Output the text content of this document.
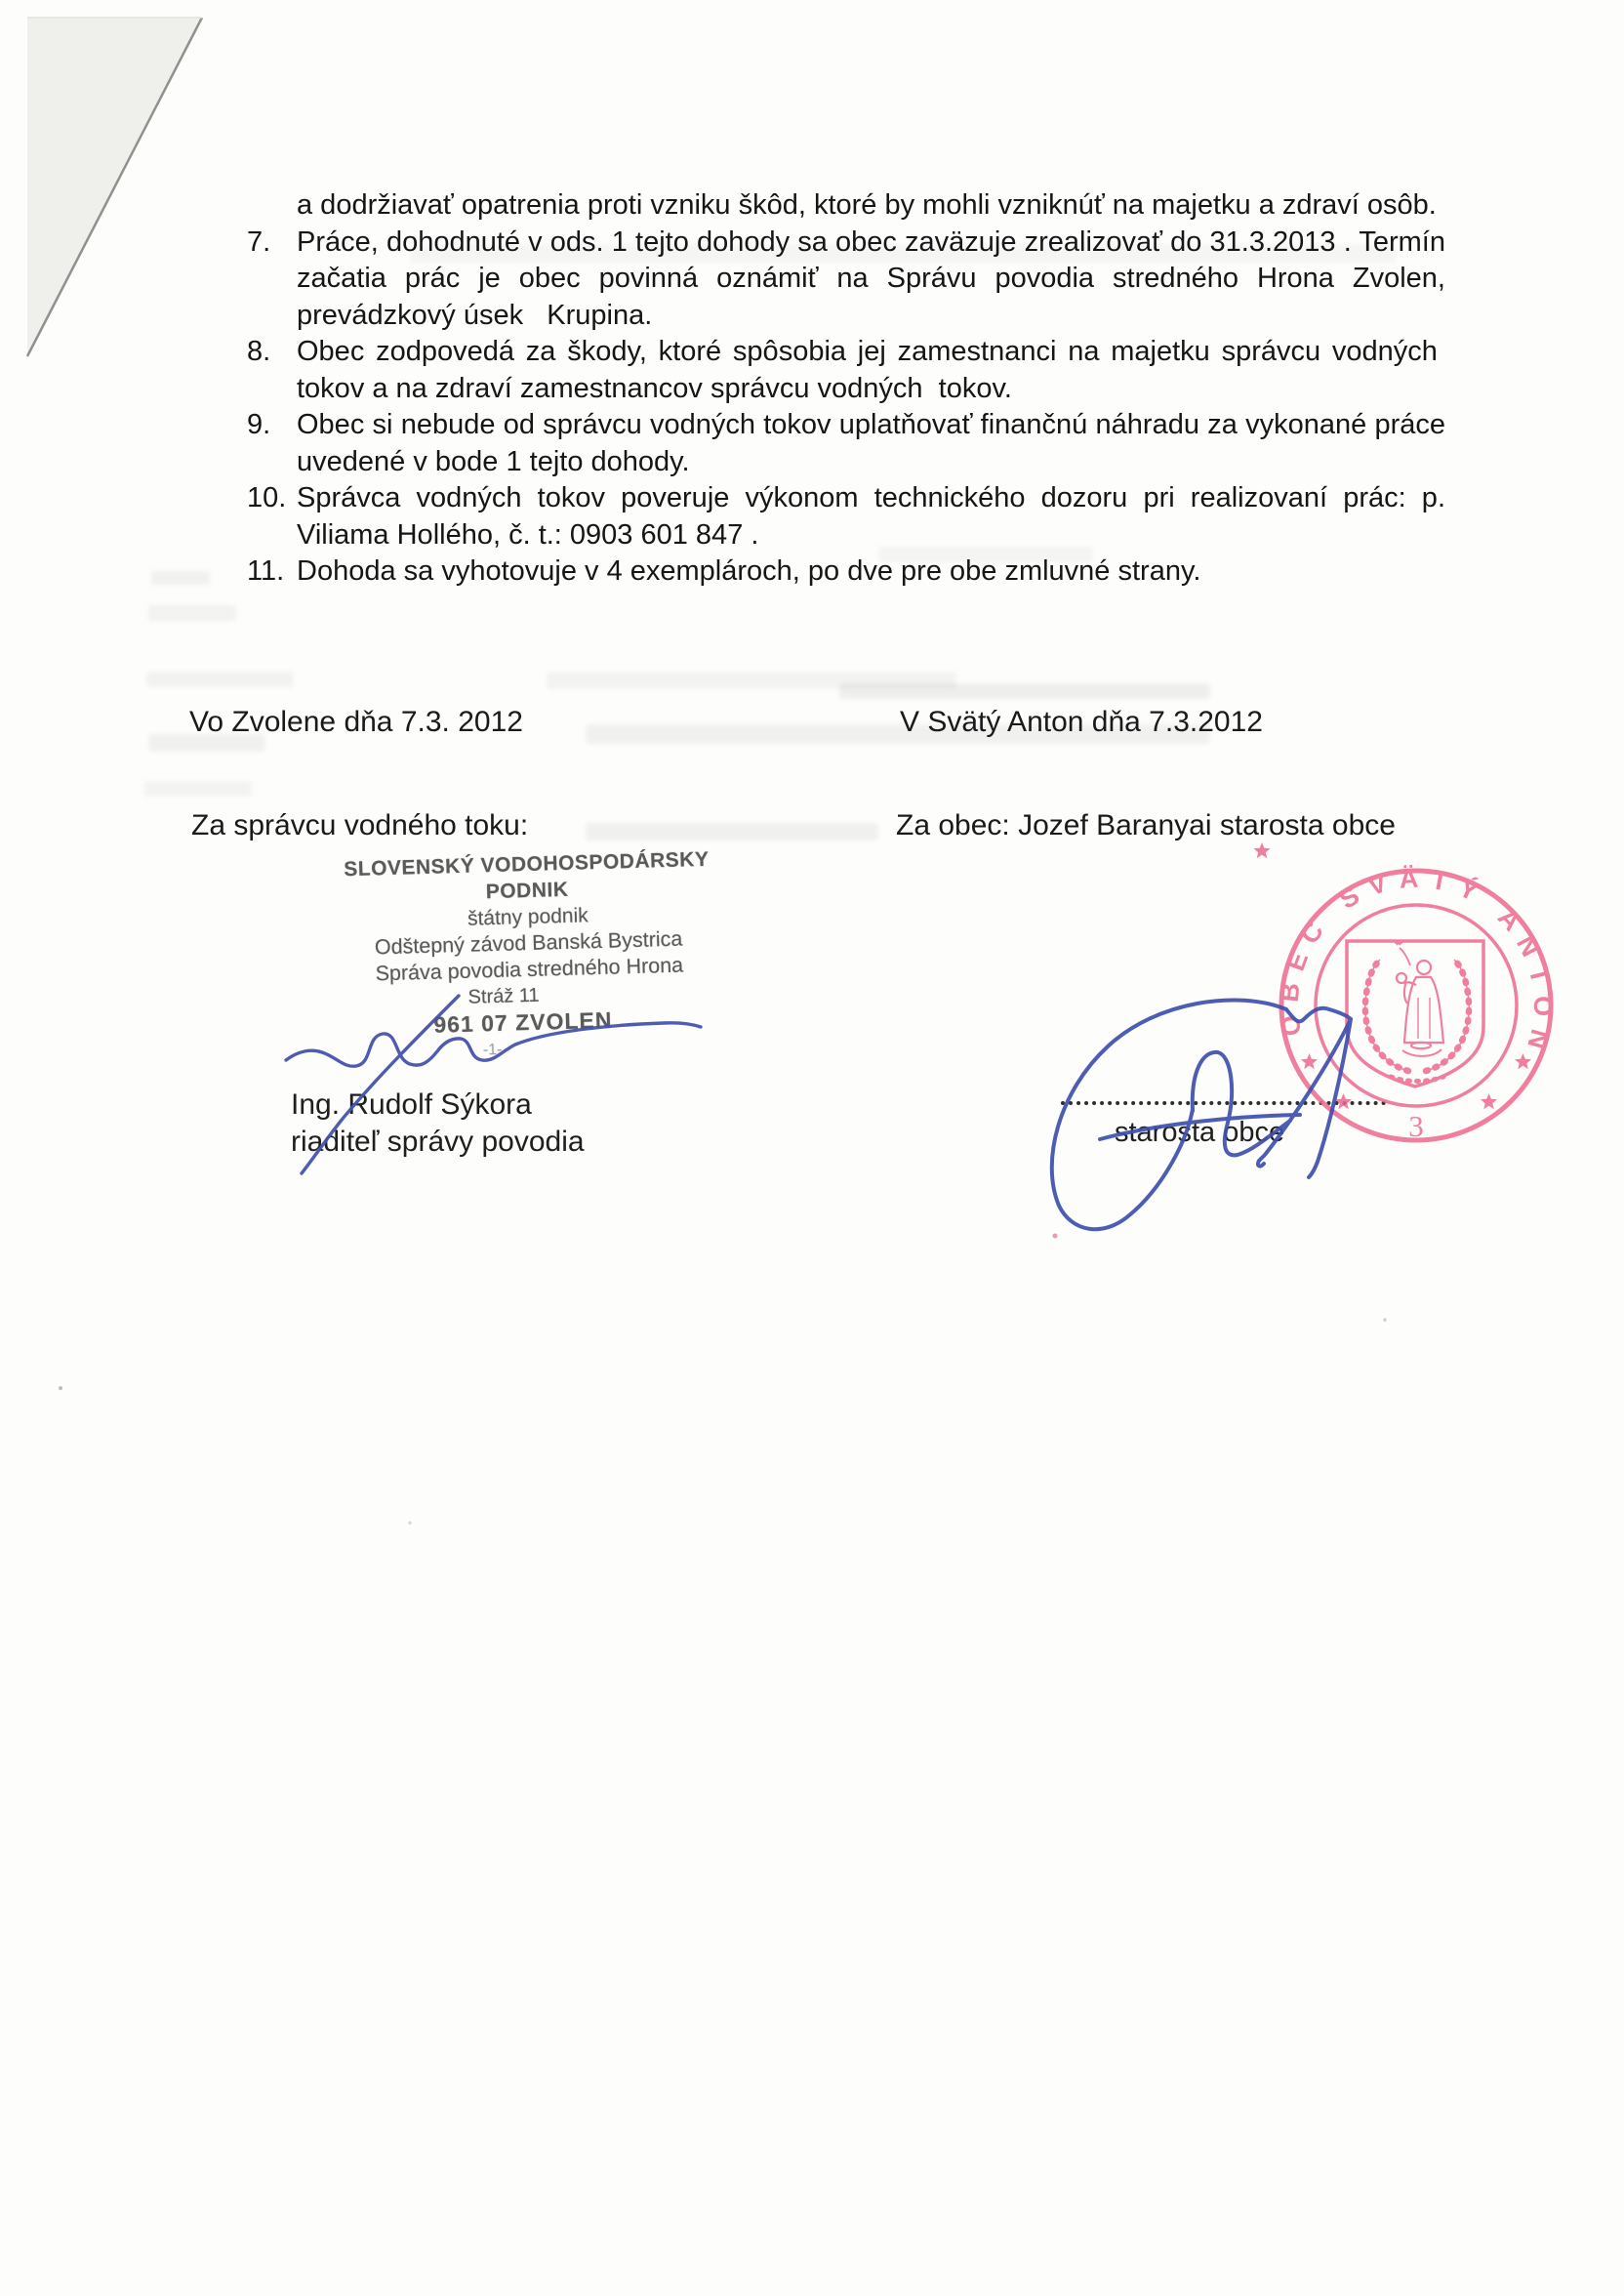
a dodržiavať opatrenia proti vzniku škôd, ktoré by mohli vzniknúť na majetku a zdraví osôb.
7. Práce, dohodnuté v ods. 1 tejto dohody sa obec zaväzuje zrealizovať do 31.3.2013 . Termín začatia prác je obec povinná oznámiť na Správu povodia stredného Hrona Zvolen, prevádzkový úsek   Krupina.
8. Obec zodpovedá za škody, ktoré spôsobia jej zamestnanci na majetku správcu vodných  tokov a na zdraví zamestnancov správcu vodných  tokov.
9. Obec si nebude od správcu vodných tokov uplatňovať finančnú náhradu za vykonané práce uvedené v bode 1 tejto dohody.
10. Správca vodných tokov poveruje výkonom technického dozoru pri realizovaní prác: p. Viliama Hollého, č. t.: 0903 601 847 .
11. Dohoda sa vyhotovuje v 4 exemplároch, po dve pre obe zmluvné strany.
Vo Zvolene dňa 7.3. 2012	V Svätý Anton dňa 7.3.2012
Za správcu vodného toku:	Za obec: Jozef Baranyai starosta obce
SLOVENSKÝ VODOHOSPODÁRSKY PODNIK
štátny podnik
Odštepný závod Banská Bystrica
Správa povodia stredného Hrona
Stráž 11
961 07 ZVOLEN
-1-
Ing. Rudolf Sýkora
riaditeľ správy povodia	starosta obce
OBEC SVÄTÝ ANTON
3
